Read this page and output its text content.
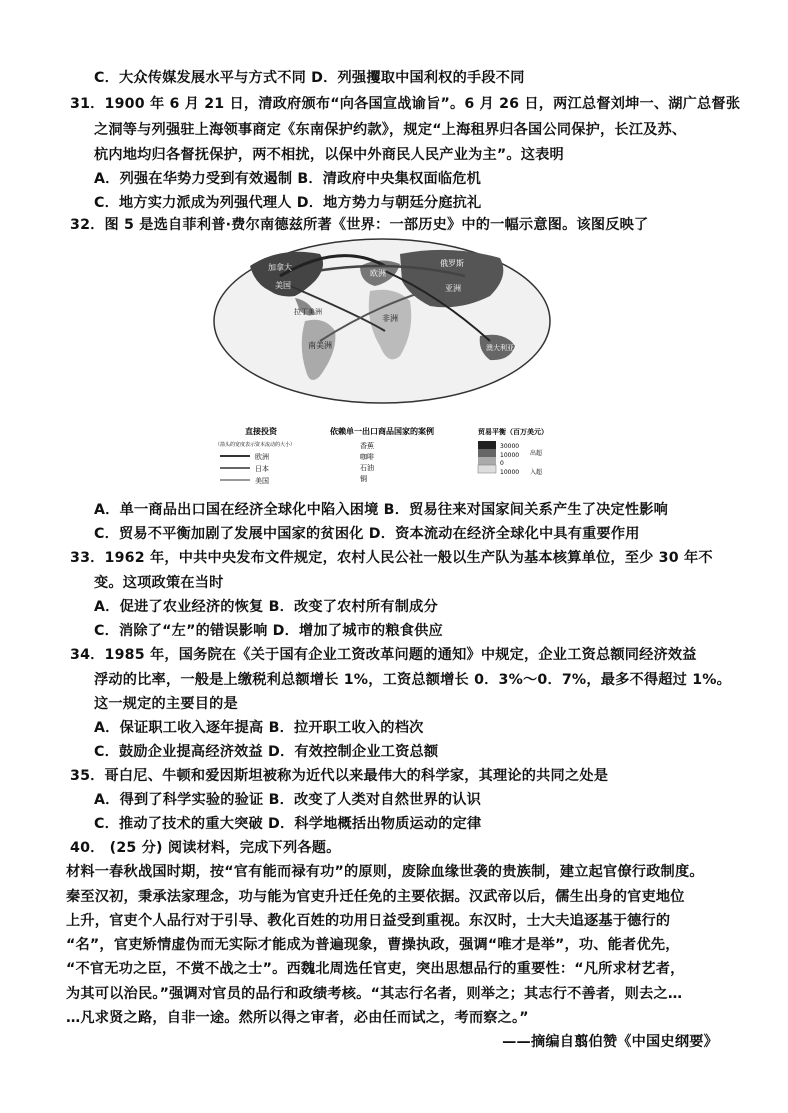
C．大众传媒发展水平与方式不同 D．列强攫取中国利权的手段不同
31．1900 年 6 月 21 日，清政府颁布“向各国宣战谕旨”。6 月 26 日，两江总督刘坤一、湖广总督张
之洞等与列强驻上海领事商定《东南保护约款》，规定“上海租界归各国公同保护，长江及苏、
杭内地均归各督抚保护，两不相扰，以保中外商民人民产业为主”。这表明
A．列强在华势力受到有效遏制 B．清政府中央集权面临危机
C．地方实力派成为列强代理人 D．地方势力与朝廷分庭抗礼
32．图 5 是选自菲利普·费尔南德兹所著《世界：一部历史》中的一幅示意图。该图反映了
加拿大
美国
拉丁美洲
南美洲
欧洲
俄罗斯
非洲
亚洲
澳大利亚
直接投资
（箭头的宽度表示资本流动的大小）
欧洲
日本
美国
依赖单一出口商品国家的案例
香蕉
咖啡
石油
铜
贸易平衡（百万美元）
30000
10000
0
10000
出超
入超
A．单一商品出口国在经济全球化中陷入困境 B．贸易往来对国家间关系产生了决定性影响
C．贸易不平衡加剧了发展中国家的贫困化 D．资本流动在经济全球化中具有重要作用
33．1962 年，中共中央发布文件规定，农村人民公社一般以生产队为基本核算单位，至少 30 年不
变。这项政策在当时
A．促进了农业经济的恢复 B．改变了农村所有制成分
C．消除了“左”的错误影响 D．增加了城市的粮食供应
34．1985 年，国务院在《关于国有企业工资改革问题的通知》中规定，企业工资总额同经济效益
浮动的比率，一般是上缴税利总额增长 1%，工资总额增长 0．3%～0．7%，最多不得超过 1%。
这一规定的主要目的是
A．保证职工收入逐年提高 B．拉开职工收入的档次
C．鼓励企业提高经济效益 D．有效控制企业工资总额
35．哥白尼、牛顿和爱因斯坦被称为近代以来最伟大的科学家，其理论的共同之处是
A．得到了科学实验的验证 B．改变了人类对自然世界的认识
C．推动了技术的重大突破 D．科学地概括出物质运动的定律
40． (25 分) 阅读材料，完成下列各题。
材料一春秋战国时期，按“官有能而禄有功”的原则，废除血缘世袭的贵族制，建立起官僚行政制度。
秦至汉初，秉承法家理念，功与能为官吏升迁任免的主要依据。汉武帝以后，儒生出身的官吏地位
上升，官吏个人品行对于引导、教化百姓的功用日益受到重视。东汉时，士大夫追逐基于德行的
“名”，官吏矫情虚伪而无实际才能成为普遍现象，曹操执政，强调“唯才是举”，功、能者优先，
“不官无功之臣，不赏不战之士”。西魏北周选任官吏，突出思想品行的重要性：“凡所求材艺者，
为其可以治民。”强调对官员的品行和政绩考核。“其志行名者，则举之；其志行不善者，则去之…
…凡求贤之路，自非一途。然所以得之审者，必由任而试之，考而察之。”
——摘编自翦伯赞《中国史纲要》
